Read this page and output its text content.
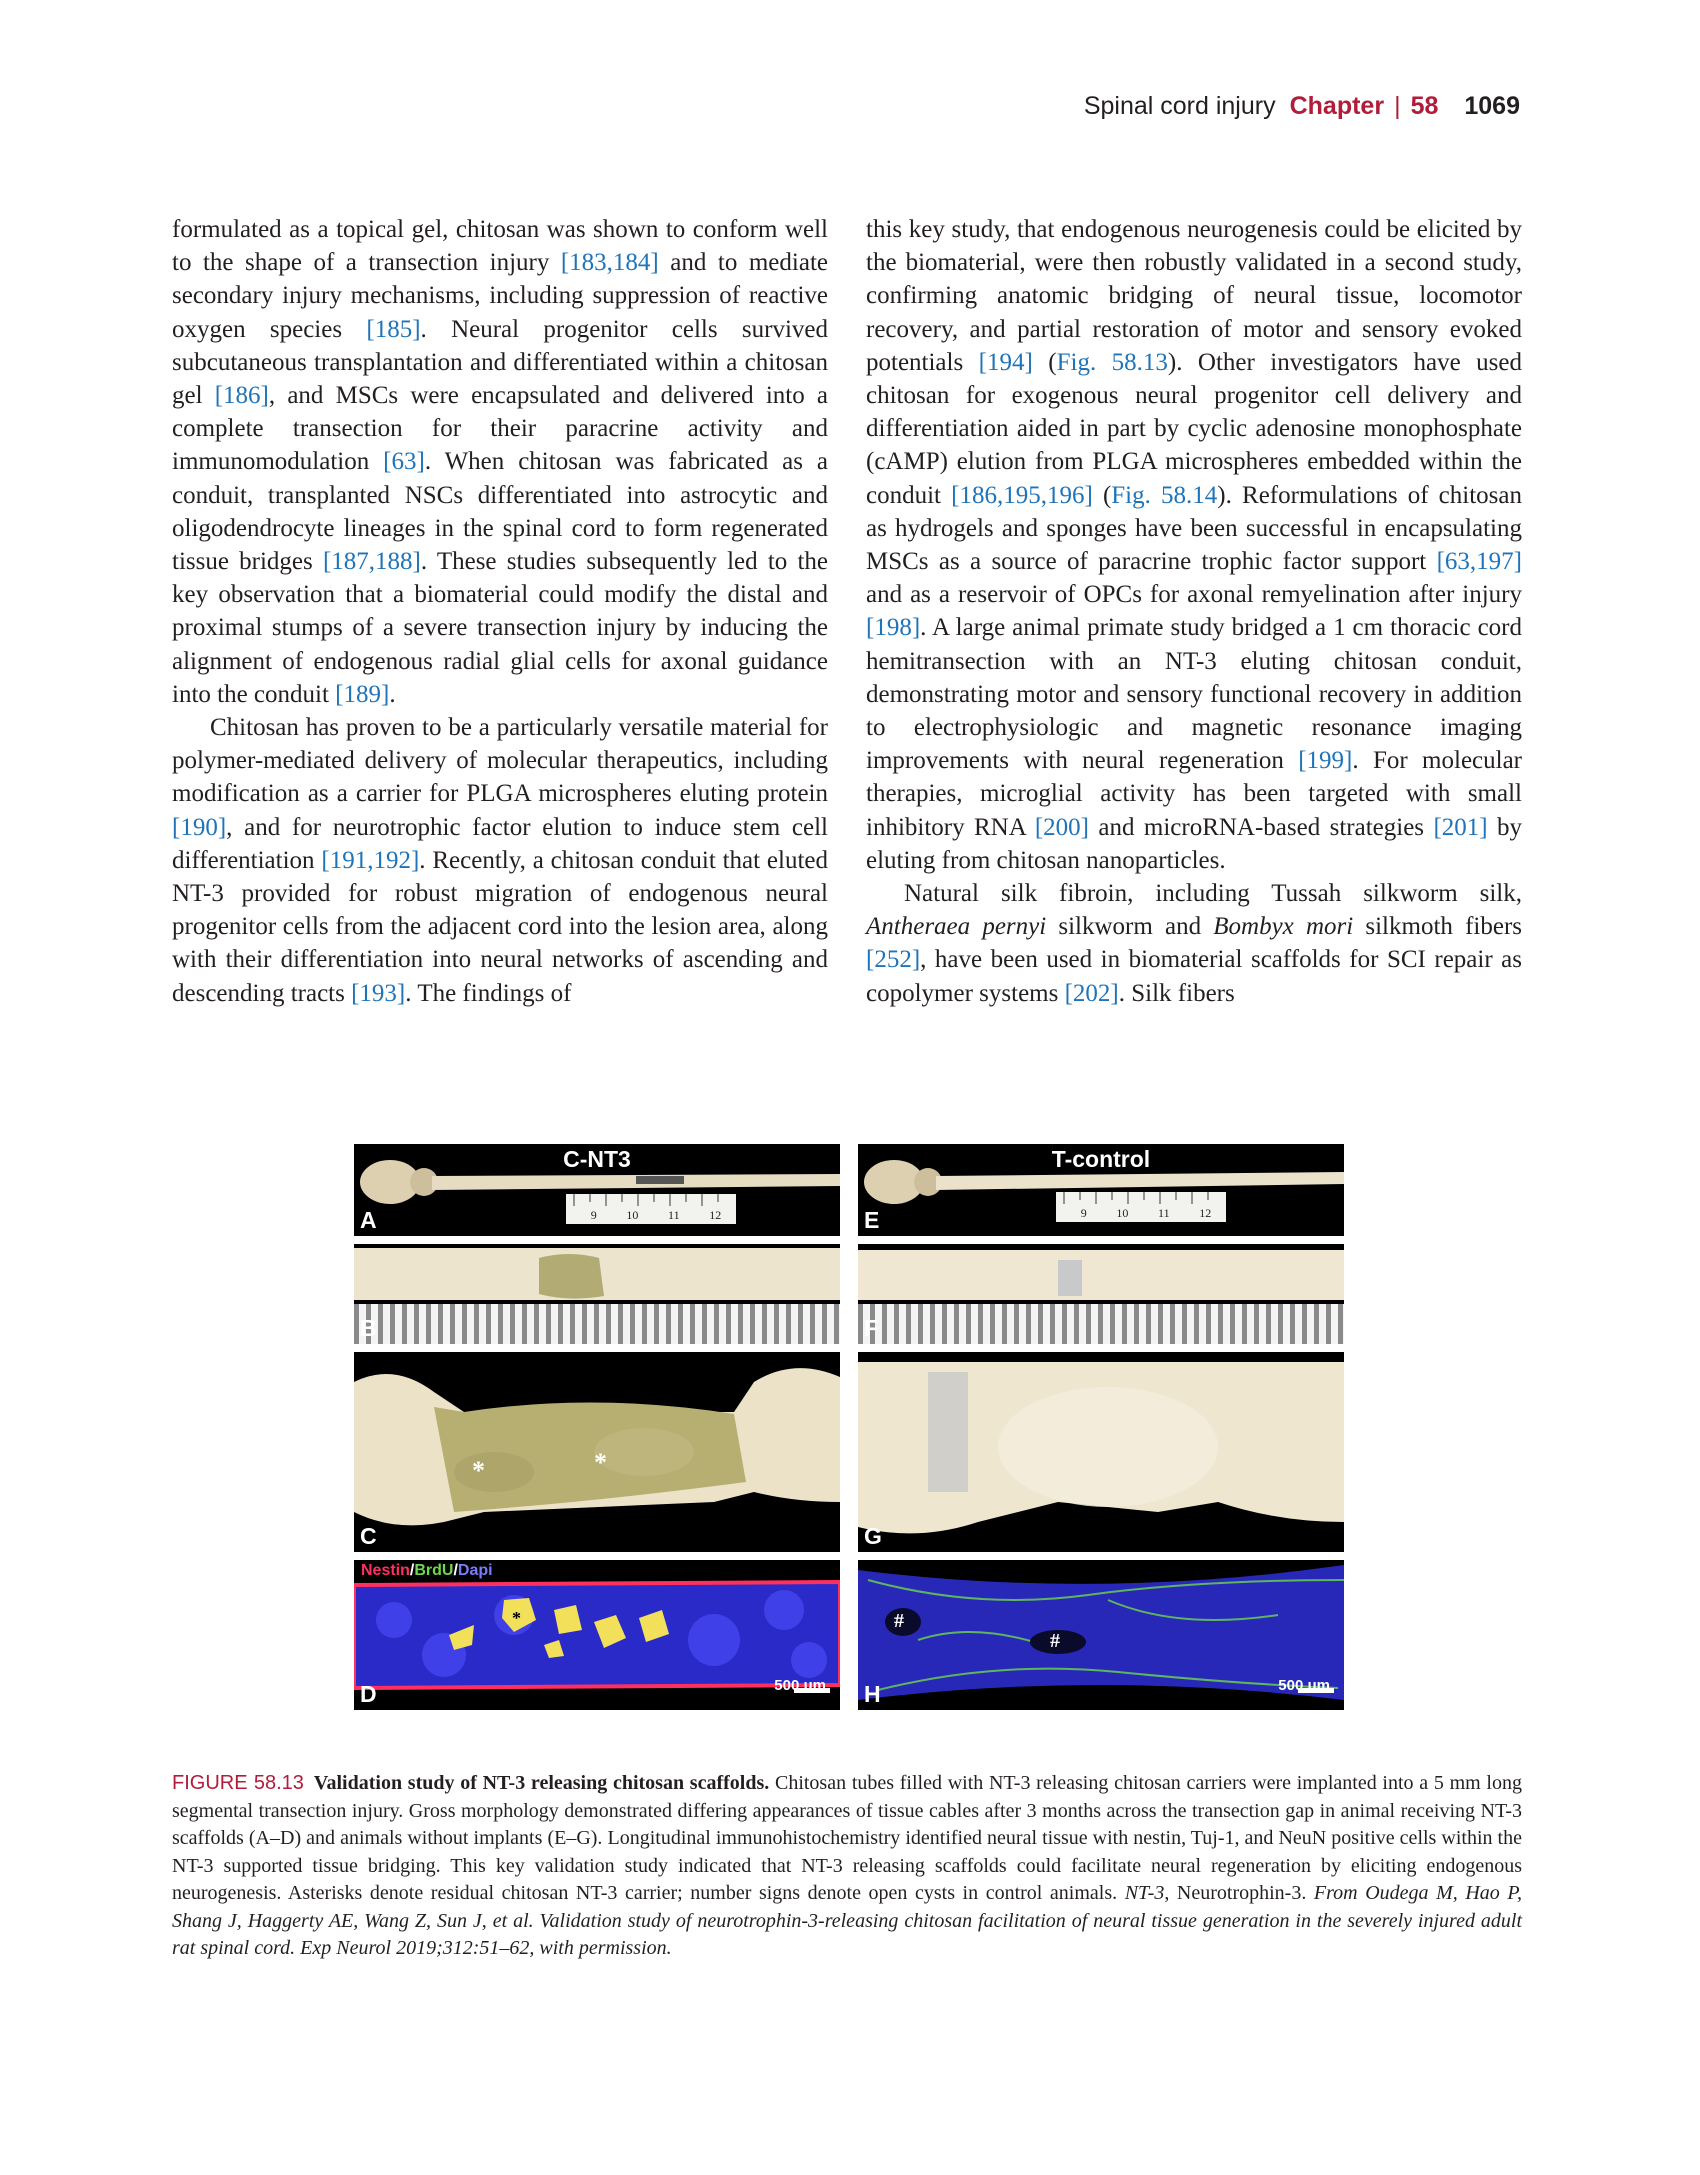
Spinal cord injury Chapter | 58 1069

formulated as a topical gel, chitosan was shown to conform well to the shape of a transection injury [183,184] and to mediate secondary injury mechanisms, including suppression of reactive oxygen species [185]. Neural progenitor cells survived subcutaneous transplantation and differentiated within a chitosan gel [186], and MSCs were encapsulated and delivered into a complete transection for their paracrine activity and immunomodulation [63]. When chitosan was fabricated as a conduit, transplanted NSCs differentiated into astrocytic and oligodendrocyte lineages in the spinal cord to form regenerated tissue bridges [187,188]. These studies subsequently led to the key observation that a biomaterial could modify the distal and proximal stumps of a severe transection injury by inducing the alignment of endogenous radial glial cells for axonal guidance into the conduit [189].

Chitosan has proven to be a particularly versatile material for polymer-mediated delivery of molecular therapeutics, including modification as a carrier for PLGA microspheres eluting protein [190], and for neurotrophic factor elution to induce stem cell differentiation [191,192]. Recently, a chitosan conduit that eluted NT-3 provided for robust migration of endogenous neural progenitor cells from the adjacent cord into the lesion area, along with their differentiation into neural networks of ascending and descending tracts [193]. The findings of

this key study, that endogenous neurogenesis could be elicited by the biomaterial, were then robustly validated in a second study, confirming anatomic bridging of neural tissue, locomotor recovery, and partial restoration of motor and sensory evoked potentials [194] (Fig. 58.13). Other investigators have used chitosan for exogenous neural progenitor cell delivery and differentiation aided in part by cyclic adenosine monophosphate (cAMP) elution from PLGA microspheres embedded within the conduit [186,195,196] (Fig. 58.14). Reformulations of chitosan as hydrogels and sponges have been successful in encapsulating MSCs as a source of paracrine trophic factor support [63,197] and as a reservoir of OPCs for axonal remyelination after injury [198]. A large animal primate study bridged a 1 cm thoracic cord hemitransection with an NT-3 eluting chitosan conduit, demonstrating motor and sensory functional recovery in addition to electrophysiologic and magnetic resonance imaging improvements with neural regeneration [199]. For molecular therapies, microglial activity has been targeted with small inhibitory RNA [200] and microRNA-based strategies [201] by eluting from chitosan nanoparticles.

Natural silk fibroin, including Tussah silkworm silk, Antheraea pernyi silkworm and Bombyx mori silkmoth fibers [252], have been used in biomaterial scaffolds for SCI repair as copolymer systems [202]. Silk fibers

C-NT3
9 10 11 12
A
T-control
9 10 11 12
E
B	F
*	*
C	G
Nestin/BrdU/Dapi
*
500 μm
D
#
#
500 μm
H
FIGURE 58.13 Validation study of NT-3 releasing chitosan scaffolds. Chitosan tubes filled with NT-3 releasing chitosan carriers were implanted into a 5 mm long segmental transection injury. Gross morphology demonstrated differing appearances of tissue cables after 3 months across the transection gap in animal receiving NT-3 scaffolds (A–D) and animals without implants (E–G). Longitudinal immunohistochemistry identified neural tissue with nestin, Tuj-1, and NeuN positive cells within the NT-3 supported tissue bridging. This key validation study indicated that NT-3 releasing scaffolds could facilitate neural regeneration by eliciting endogenous neurogenesis. Asterisks denote residual chitosan NT-3 carrier; number signs denote open cysts in control animals. NT-3, Neurotrophin-3. From Oudega M, Hao P, Shang J, Haggerty AE, Wang Z, Sun J, et al. Validation study of neurotrophin-3-releasing chitosan facilitation of neural tissue generation in the severely injured adult rat spinal cord. Exp Neurol 2019;312:51–62, with permission.
